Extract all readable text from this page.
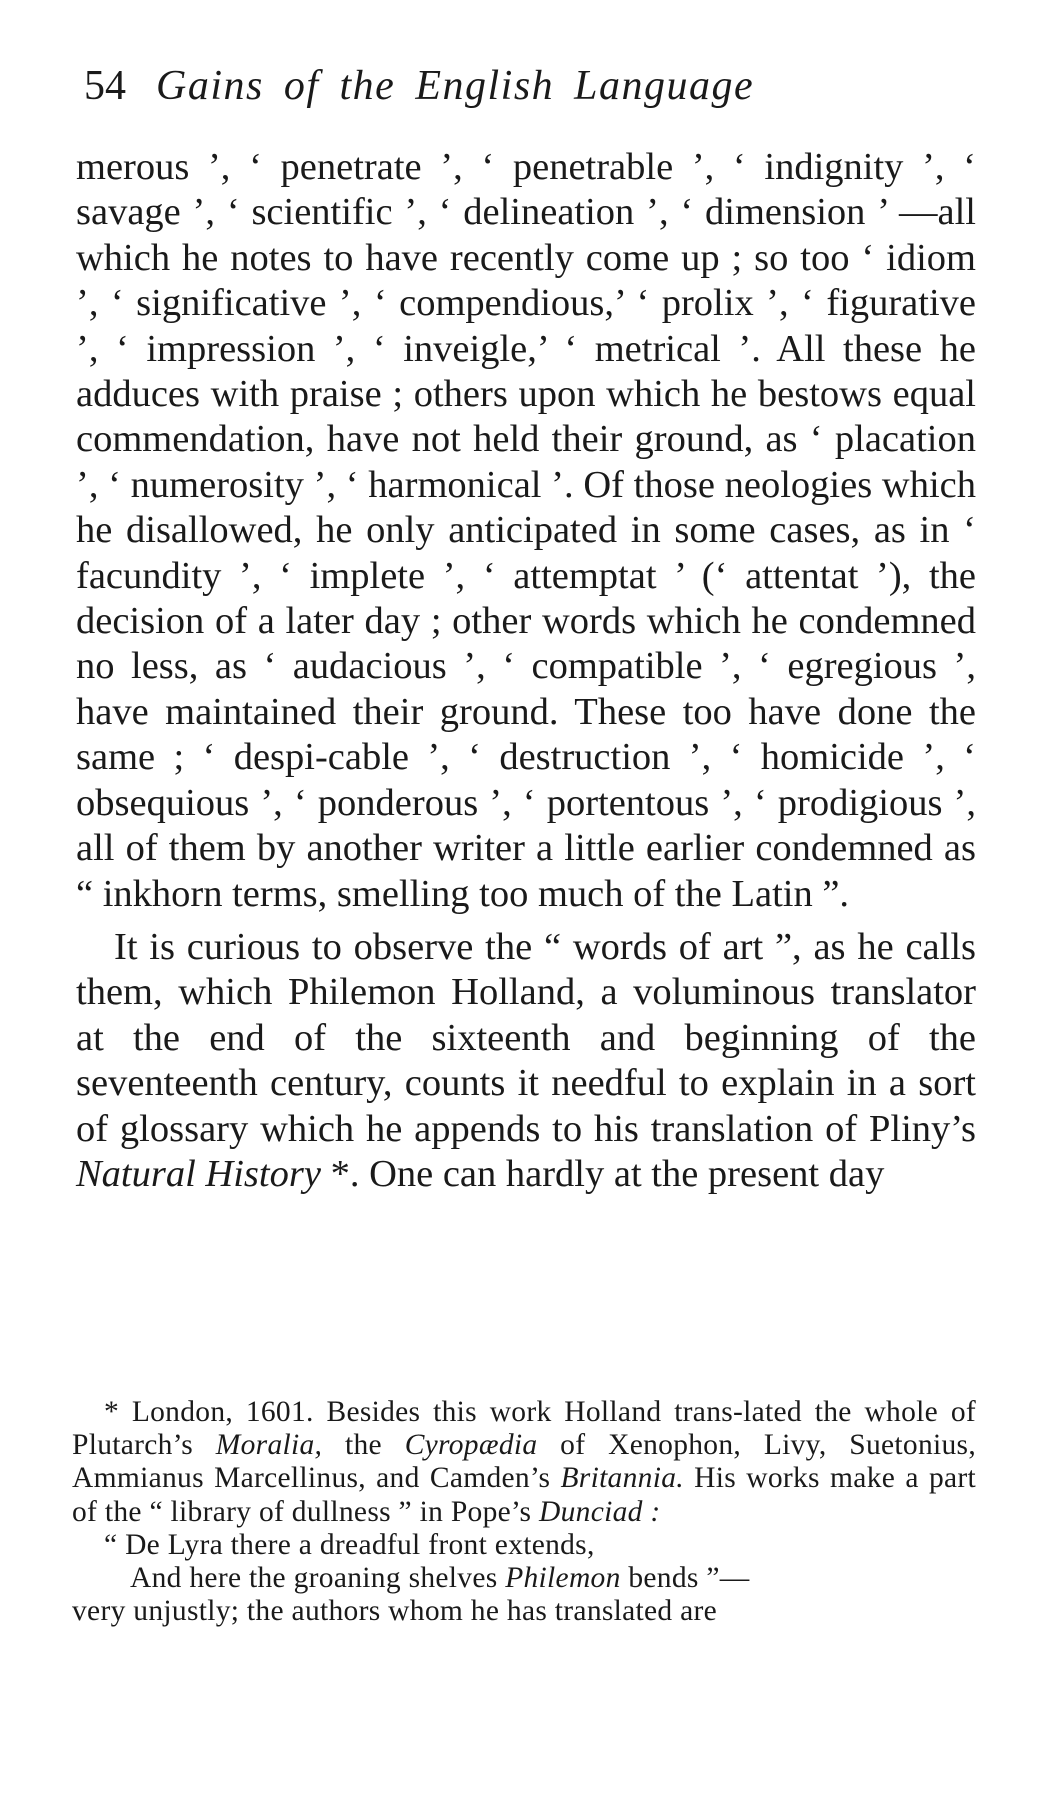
54 Gains of the English Language

merous ’, ‘ penetrate ’, ‘ penetrable ’, ‘ indignity ’, ‘ savage ’, ‘ scientific ’, ‘ delineation ’, ‘ dimension ’ —all which he notes to have recently come up ; so too ‘ idiom ’, ‘ significative ’, ‘ compendious,’ ‘ prolix ’, ‘ figurative ’, ‘ impression ’, ‘ inveigle,’ ‘ metrical ’. All these he adduces with praise ; others upon which he bestows equal commendation, have not held their ground, as ‘ placation ’, ‘ numerosity ’, ‘ harmonical ’. Of those neologies which he disallowed, he only anticipated in some cases, as in ‘ facundity ’, ‘ implete ’, ‘ attemptat ’ (‘ attentat ’), the decision of a later day ; other words which he condemned no less, as ‘ audacious ’, ‘ compatible ’, ‘ egregious ’, have maintained their ground. These too have done the same ; ‘ despi-cable ’, ‘ destruction ’, ‘ homicide ’, ‘ obsequious ’, ‘ ponderous ’, ‘ portentous ’, ‘ prodigious ’, all of them by another writer a little earlier condemned as “ inkhorn terms, smelling too much of the Latin ”.

It is curious to observe the “ words of art ”, as he calls them, which Philemon Holland, a voluminous translator at the end of the sixteenth and beginning of the seventeenth century, counts it needful to explain in a sort of glossary which he appends to his translation of Pliny’s Natural History *. One can hardly at the present day

* London, 1601. Besides this work Holland trans-lated the whole of Plutarch’s Moralia, the Cyropædia of Xenophon, Livy, Suetonius, Ammianus Marcellinus, and Camden’s Britannia. His works make a part of the “ library of dullness ” in Pope’s Dunciad :

“ De Lyra there a dreadful front extends,

And here the groaning shelves Philemon bends ”—

very unjustly; the authors whom he has translated are
